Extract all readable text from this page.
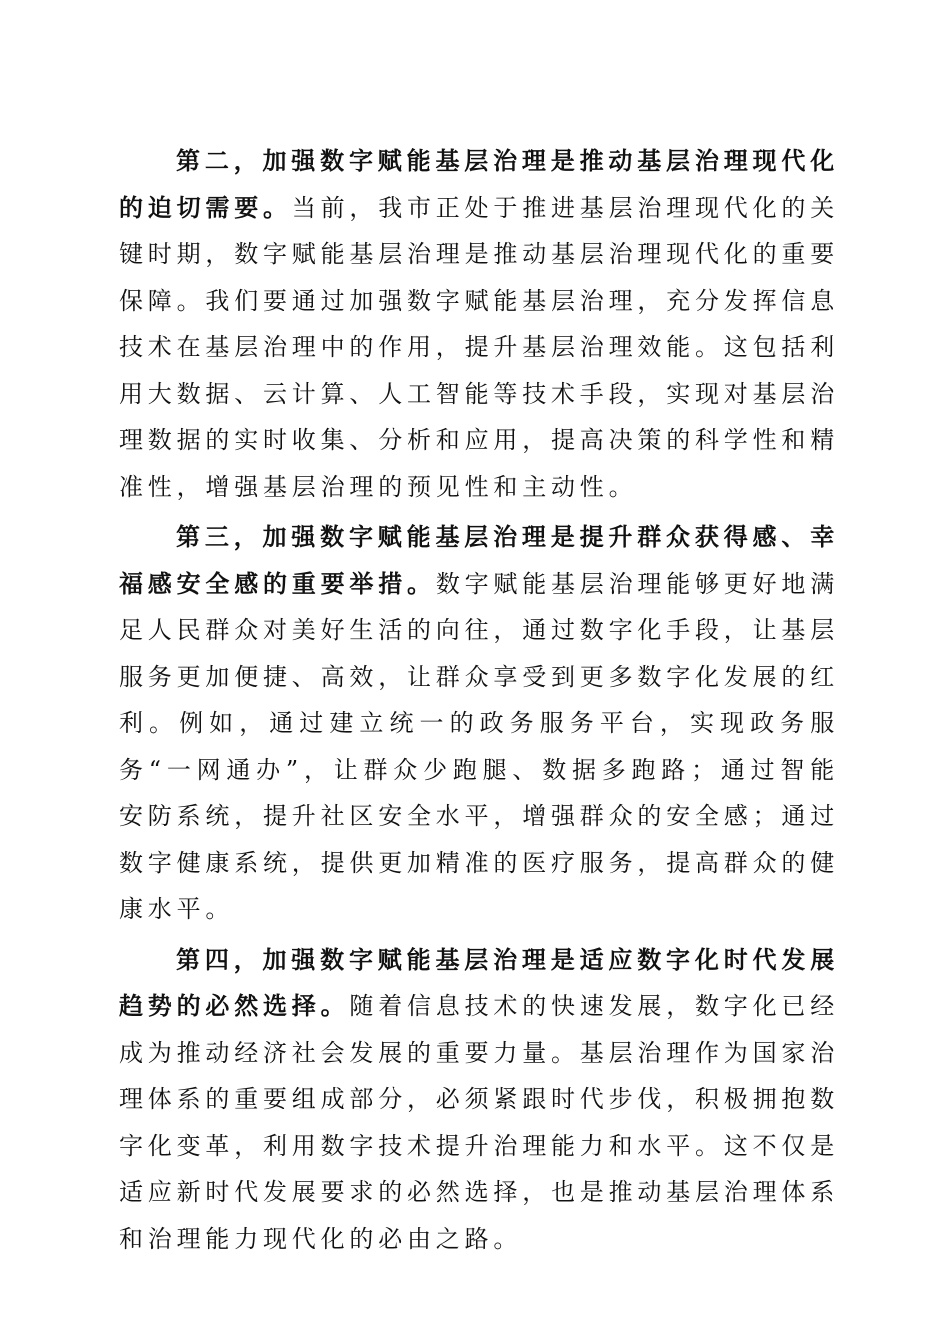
第二，加强数字赋能基层治理是推动基层治理现代化的迫切需要。当前，我市正处于推进基层治理现代化的关键时期，数字赋能基层治理是推动基层治理现代化的重要保障。我们要通过加强数字赋能基层治理，充分发挥信息技术在基层治理中的作用，提升基层治理效能。这包括利用大数据、云计算、人工智能等技术手段，实现对基层治理数据的实时收集、分析和应用，提高决策的科学性和精准性，增强基层治理的预见性和主动性。

第三，加强数字赋能基层治理是提升群众获得感、幸福感安全感的重要举措。数字赋能基层治理能够更好地满足人民群众对美好生活的向往，通过数字化手段，让基层服务更加便捷、高效，让群众享受到更多数字化发展的红利。例如，通过建立统一的政务服务平台，实现政务服务“一网通办”，让群众少跑腿、数据多跑路；通过智能安防系统，提升社区安全水平，增强群众的安全感；通过数字健康系统，提供更加精准的医疗服务，提高群众的健康水平。

第四，加强数字赋能基层治理是适应数字化时代发展趋势的必然选择。随着信息技术的快速发展，数字化已经成为推动经济社会发展的重要力量。基层治理作为国家治理体系的重要组成部分，必须紧跟时代步伐，积极拥抱数字化变革，利用数字技术提升治理能力和水平。这不仅是适应新时代发展要求的必然选择，也是推动基层治理体系和治理能力现代化的必由之路。
